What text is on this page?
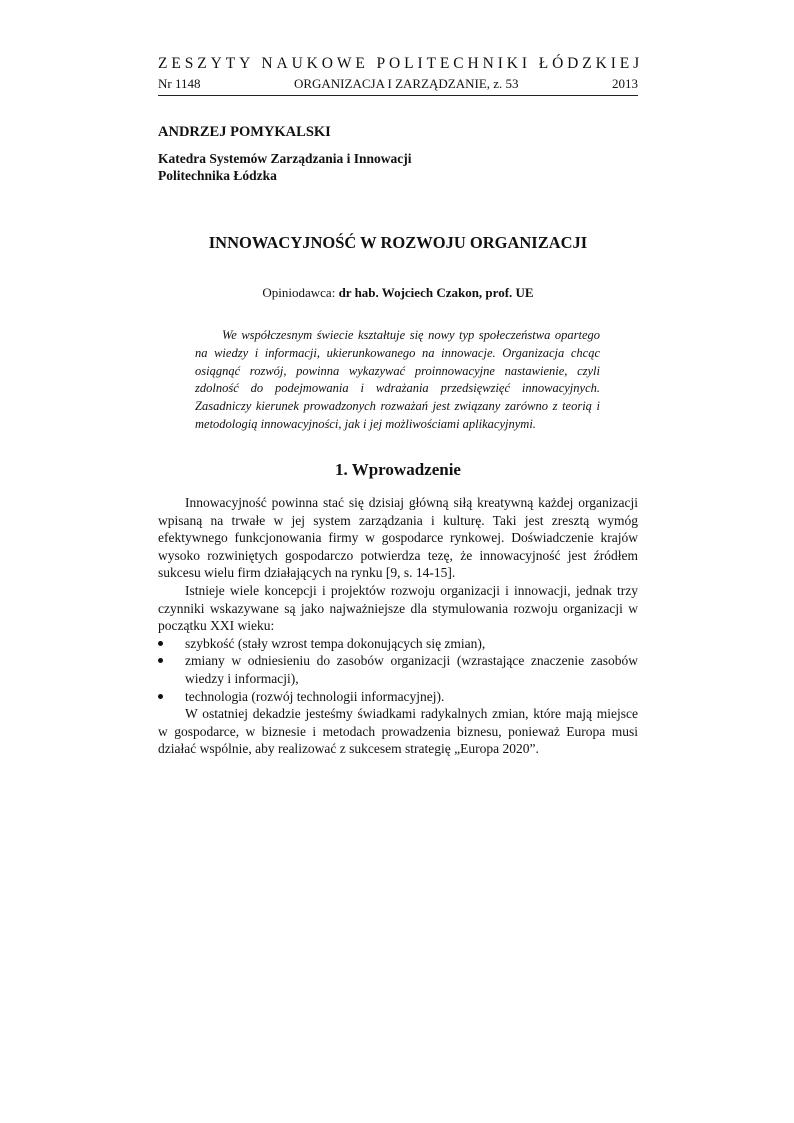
ZESZYTY NAUKOWE POLITECHNIKI ŁÓDZKIEJ
Nr 1148	ORGANIZACJA I ZARZĄDZANIE, z. 53	2013
ANDRZEJ POMYKALSKI
Katedra Systemów Zarządzania i Innowacji
Politechnika Łódzka
INNOWACYJNOŚĆ W ROZWOJU ORGANIZACJI
Opiniodawca: dr hab. Wojciech Czakon, prof. UE

We współczesnym świecie kształtuje się nowy typ społeczeństwa opartego na wiedzy i informacji, ukierunkowanego na innowacje. Organizacja chcąc osiągnąć rozwój, powinna wykazywać proinnowacyjne nastawienie, czyli zdolność do podejmowania i wdrażania przedsięwzięć innowacyjnych. Zasadniczy kierunek prowadzonych rozważań jest związany zarówno z teorią i metodologią innowacyjności, jak i jej możliwościami aplikacyjnymi.

1. Wprowadzenie

Innowacyjność powinna stać się dzisiaj główną siłą kreatywną każdej organizacji wpisaną na trwałe w jej system zarządzania i kulturę. Taki jest zresztą wymóg efektywnego funkcjonowania firmy w gospodarce rynkowej. Doświadczenie krajów wysoko rozwiniętych gospodarczo potwierdza tezę, że innowacyjność jest źródłem sukcesu wielu firm działających na rynku [9, s. 14-15].

Istnieje wiele koncepcji i projektów rozwoju organizacji i innowacji, jednak trzy czynniki wskazywane są jako najważniejsze dla stymulowania rozwoju organizacji w początku XXI wieku:

szybkość (stały wzrost tempa dokonujących się zmian),
zmiany w odniesieniu do zasobów organizacji (wzrastające znaczenie zasobów wiedzy i informacji),
technologia (rozwój technologii informacyjnej).

W ostatniej dekadzie jesteśmy świadkami radykalnych zmian, które mają miejsce w gospodarce, w biznesie i metodach prowadzenia biznesu, ponieważ Europa musi działać wspólnie, aby realizować z sukcesem strategię „Europa 2020”.
